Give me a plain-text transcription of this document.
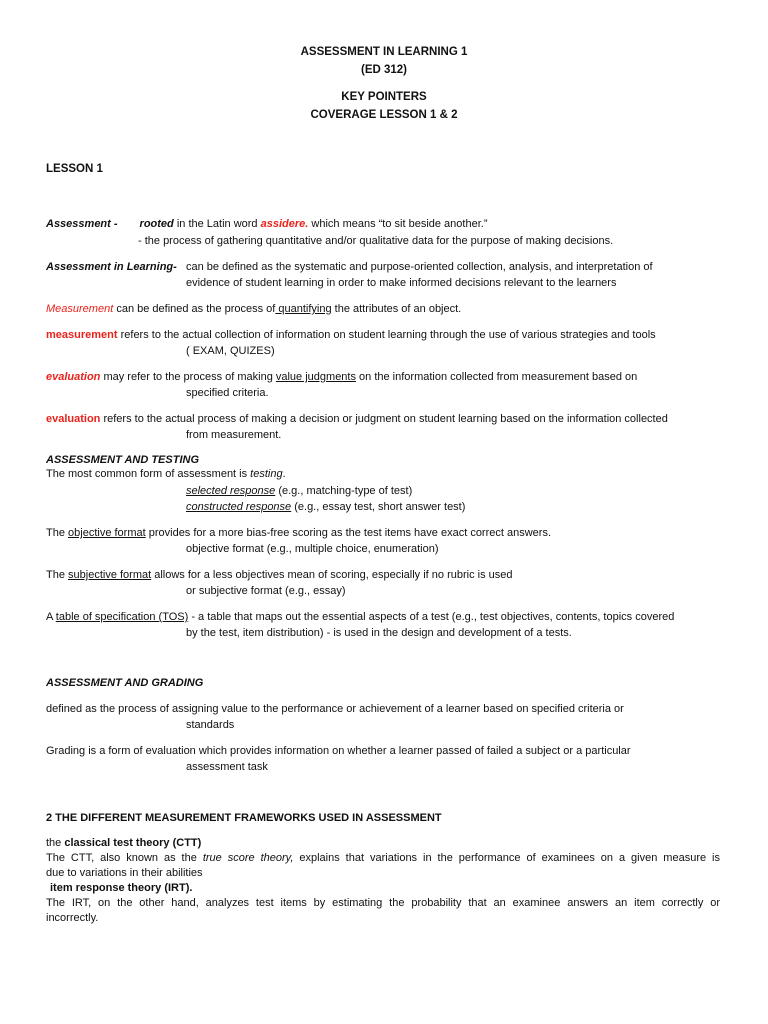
ASSESSMENT IN LEARNING 1
(ED 312)
KEY POINTERS
COVERAGE LESSON 1 & 2
LESSON 1
Assessment - rooted in the Latin word assidere. which means “to sit beside another.”
- the process of gathering quantitative and/or qualitative data for the purpose of making decisions.
Assessment in Learning- can be defined as the systematic and purpose-oriented collection, analysis, and interpretation of
evidence of student learning in order to make informed decisions relevant to the learners
Measurement can be defined as the process of quantifying the attributes of an object.
measurement refers to the actual collection of information on student learning through the use of various strategies and tools
( EXAM, QUIZES)
evaluation may refer to the process of making value judgments on the information collected from measurement based on
specified criteria.
evaluation refers to the actual process of making a decision or judgment on student learning based on the information collected
from measurement.
ASSESSMENT AND TESTING
The most common form of assessment is testing.
selected response (e.g., matching-type of test)
constructed response (e.g., essay test, short answer test)
The objective format provides for a more bias-free scoring as the test items have exact correct answers.
objective format (e.g., multiple choice, enumeration)
The subjective format allows for a less objectives mean of scoring, especially if no rubric is used
or subjective format (e.g., essay)
A table of specification (TOS) - a table that maps out the essential aspects of a test (e.g., test objectives, contents, topics covered
by the test, item distribution) - is used in the design and development of a tests.
ASSESSMENT AND GRADING
defined as the process of assigning value to the performance or achievement of a learner based on specified criteria or
standards
Grading is a form of evaluation which provides information on whether a learner passed of failed a subject or a particular
assessment task
2 THE DIFFERENT MEASUREMENT FRAMEWORKS USED IN ASSESSMENT
the classical test theory (CTT)
The CTT, also known as the true score theory, explains that variations in the performance of examinees on a given measure is
due to variations in their abilities
item response theory (IRT).
The IRT, on the other hand, analyzes test items by estimating the probability that an examinee answers an item correctly or
incorrectly.
